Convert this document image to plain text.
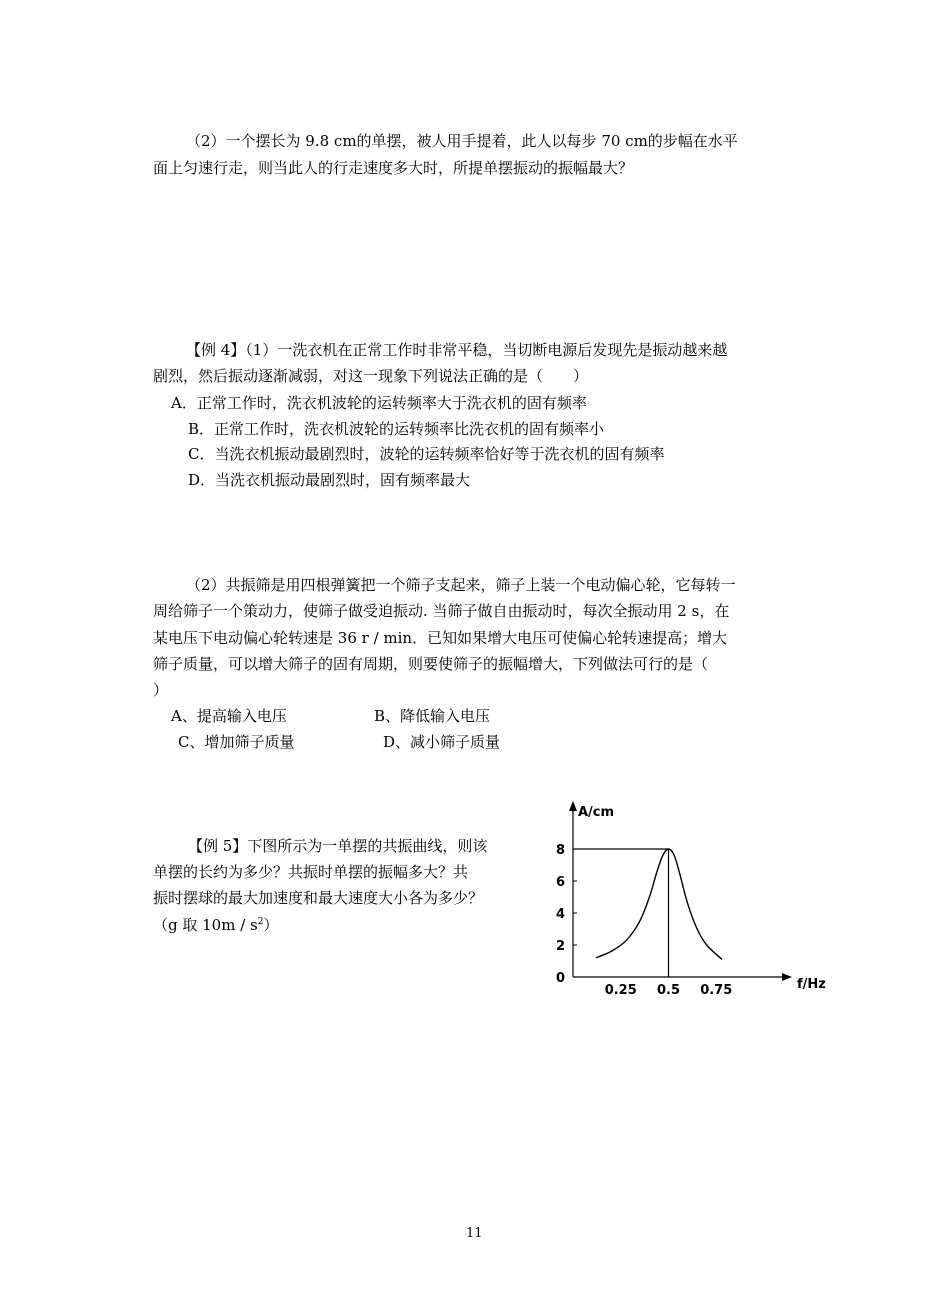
（2）一个摆长为 9.8 cm的单摆，被人用手提着，此人以每步 70 cm的步幅在水平
面上匀速行走，则当此人的行走速度多大时，所提单摆振动的振幅最大？
【例 4】（1）一洗衣机在正常工作时非常平稳，当切断电源后发现先是振动越来越
剧烈，然后振动逐渐减弱，对这一现象下列说法正确的是（　　）
A．正常工作时，洗衣机波轮的运转频率大于洗衣机的固有频率
B．正常工作时，洗衣机波轮的运转频率比洗衣机的固有频率小
C．当洗衣机振动最剧烈时，波轮的运转频率恰好等于洗衣机的固有频率
D．当洗衣机振动最剧烈时，固有频率最大
（2）共振筛是用四根弹簧把一个筛子支起来，筛子上装一个电动偏心轮，它每转一
周给筛子一个策动力，使筛子做受迫振动. 当筛子做自由振动时，每次全振动用 2 s，在
某电压下电动偏心轮转速是 36 r / min．已知如果增大电压可使偏心轮转速提高；增大
筛子质量，可以增大筛子的固有周期，则要使筛子的振幅增大，下列做法可行的是（
）
A、提高输入电压	B、降低输入电压
C、增加筛子质量	D、减小筛子质量
【例 5】下图所示为一单摆的共振曲线，则该
单摆的长约为多少？共振时单摆的振幅多大？共
振时摆球的最大加速度和最大速度大小各为多少？
（g 取 $10m / s^2$）
A/cm
f/Hz
0
2
4
6
8
0.25 0.5 0.75
11
